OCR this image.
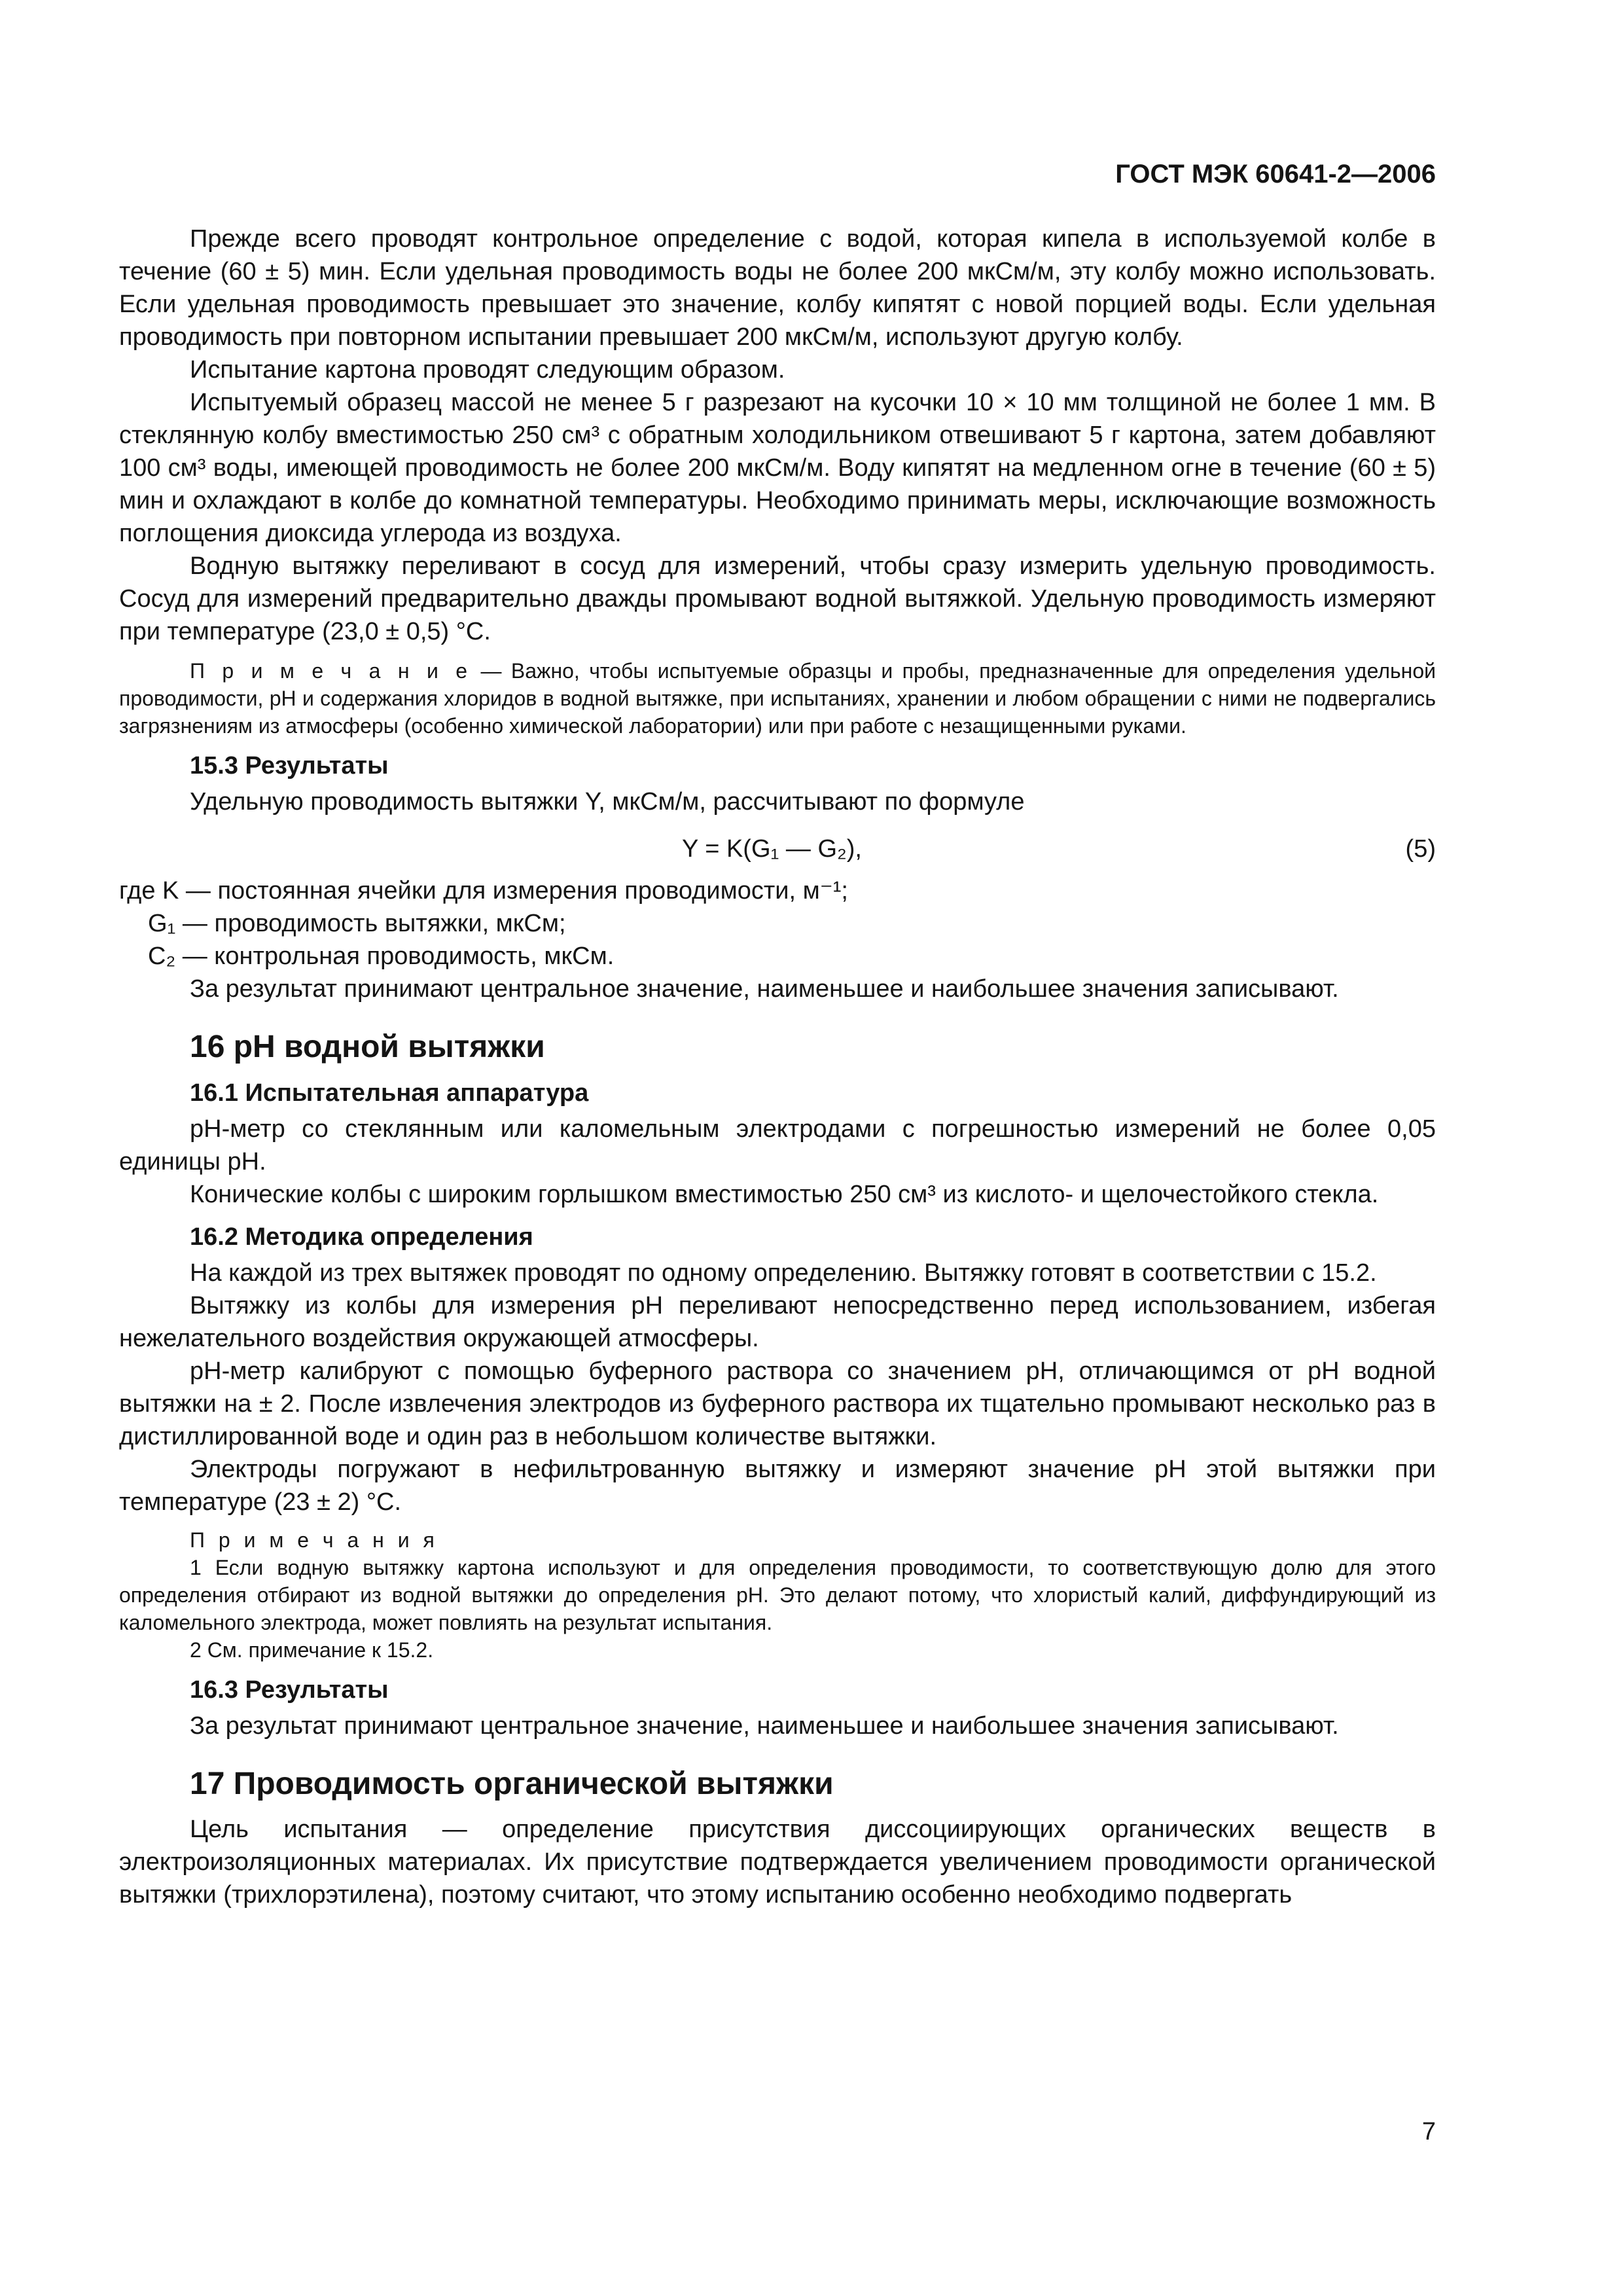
ГОСТ МЭК 60641-2—2006

Прежде всего проводят контрольное определение с водой, которая кипела в используемой колбе в течение (60 ± 5) мин. Если удельная проводимость воды не более 200 мкСм/м, эту колбу можно использовать. Если удельная проводимость превышает это значение, колбу кипятят с новой порцией воды. Если удельная проводимость при повторном испытании превышает 200 мкСм/м, используют другую колбу.

Испытание картона проводят следующим образом.

Испытуемый образец массой не менее 5 г разрезают на кусочки 10 × 10 мм толщиной не более 1 мм. В стеклянную колбу вместимостью 250 см³ с обратным холодильником отвешивают 5 г картона, затем добавляют 100 см³ воды, имеющей проводимость не более 200 мкСм/м. Воду кипятят на медленном огне в течение (60 ± 5) мин и охлаждают в колбе до комнатной температуры. Необходимо принимать меры, исключающие возможность поглощения диоксида углерода из воздуха.

Водную вытяжку переливают в сосуд для измерений, чтобы сразу измерить удельную проводимость. Сосуд для измерений предварительно дважды промывают водной вытяжкой. Удельную проводимость измеряют при температуре (23,0 ± 0,5) °С.

П р и м е ч а н и е — Важно, чтобы испытуемые образцы и пробы, предназначенные для определения удельной проводимости, pH и содержания хлоридов в водной вытяжке, при испытаниях, хранении и любом обращении с ними не подвергались загрязнениям из атмосферы (особенно химической лаборатории) или при работе с незащищенными руками.
15.3 Результаты

Удельную проводимость вытяжки Y, мкСм/м, рассчитывают по формуле

Y = K(G₁ — G₂),	(5)

где K — постоянная ячейки для измерения проводимости, м⁻¹;

G₁ — проводимость вытяжки, мкСм;

C₂ — контрольная проводимость, мкСм.

За результат принимают центральное значение, наименьшее и наибольшее значения записывают.

16 pH водной вытяжки
16.1 Испытательная аппаратура

pH-метр со стеклянным или каломельным электродами с погрешностью измерений не более 0,05 единицы pH.

Конические колбы с широким горлышком вместимостью 250 см³ из кислото- и щелочестойкого стекла.

16.2 Методика определения

На каждой из трех вытяжек проводят по одному определению. Вытяжку готовят в соответствии с 15.2.

Вытяжку из колбы для измерения pH переливают непосредственно перед использованием, избегая нежелательного воздействия окружающей атмосферы.

pH-метр калибруют с помощью буферного раствора со значением pH, отличающимся от pH водной вытяжки на ± 2. После извлечения электродов из буферного раствора их тщательно промывают несколько раз в дистиллированной воде и один раз в небольшом количестве вытяжки.

Электроды погружают в нефильтрованную вытяжку и измеряют значение pH этой вытяжки при температуре (23 ± 2) °С.

П р и м е ч а н и я
1 Если водную вытяжку картона используют и для определения проводимости, то соответствующую долю для этого определения отбирают из водной вытяжки до определения pH. Это делают потому, что хлористый калий, диффундирующий из каломельного электрода, может повлиять на результат испытания.
2 См. примечание к 15.2.
16.3 Результаты

За результат принимают центральное значение, наименьшее и наибольшее значения записывают.

17 Проводимость органической вытяжки

Цель испытания — определение присутствия диссоциирующих органических веществ в электроизоляционных материалах. Их присутствие подтверждается увеличением проводимости органической вытяжки (трихлорэтилена), поэтому считают, что этому испытанию особенно необходимо подвергать

7
